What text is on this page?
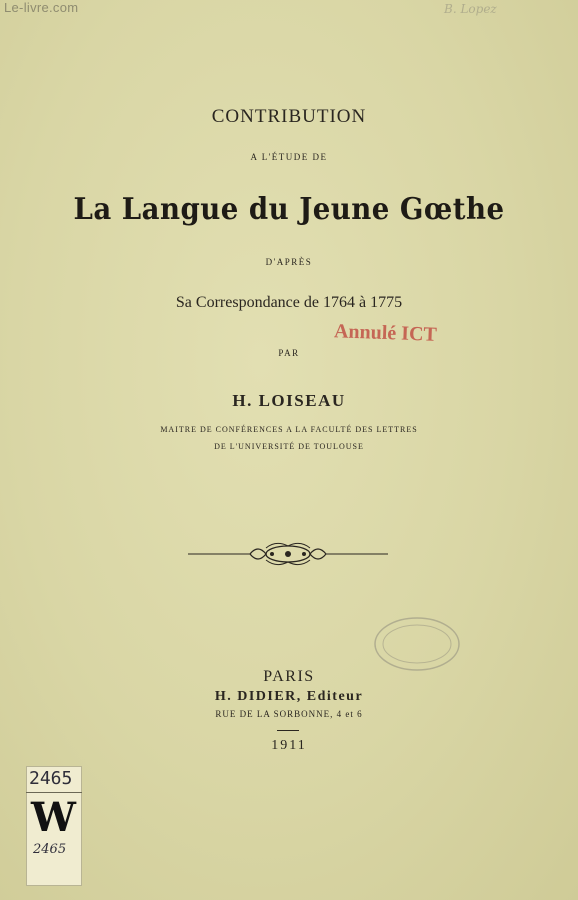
Le-livre.com	B. Lopez
CONTRIBUTION
A L'ÉTUDE DE
La Langue du Jeune Gœthe
D'APRÈS
Sa Correspondance de 1764 à 1775
Annulé ICT
PAR
H. LOISEAU
MAITRE DE CONFÉRENCES A LA FACULTÉ DES LETTRES
DE L'UNIVERSITÉ DE TOULOUSE
PARIS
H. DIDIER, Editeur
RUE DE LA SORBONNE, 4 et 6
1911
2465
W
2465
